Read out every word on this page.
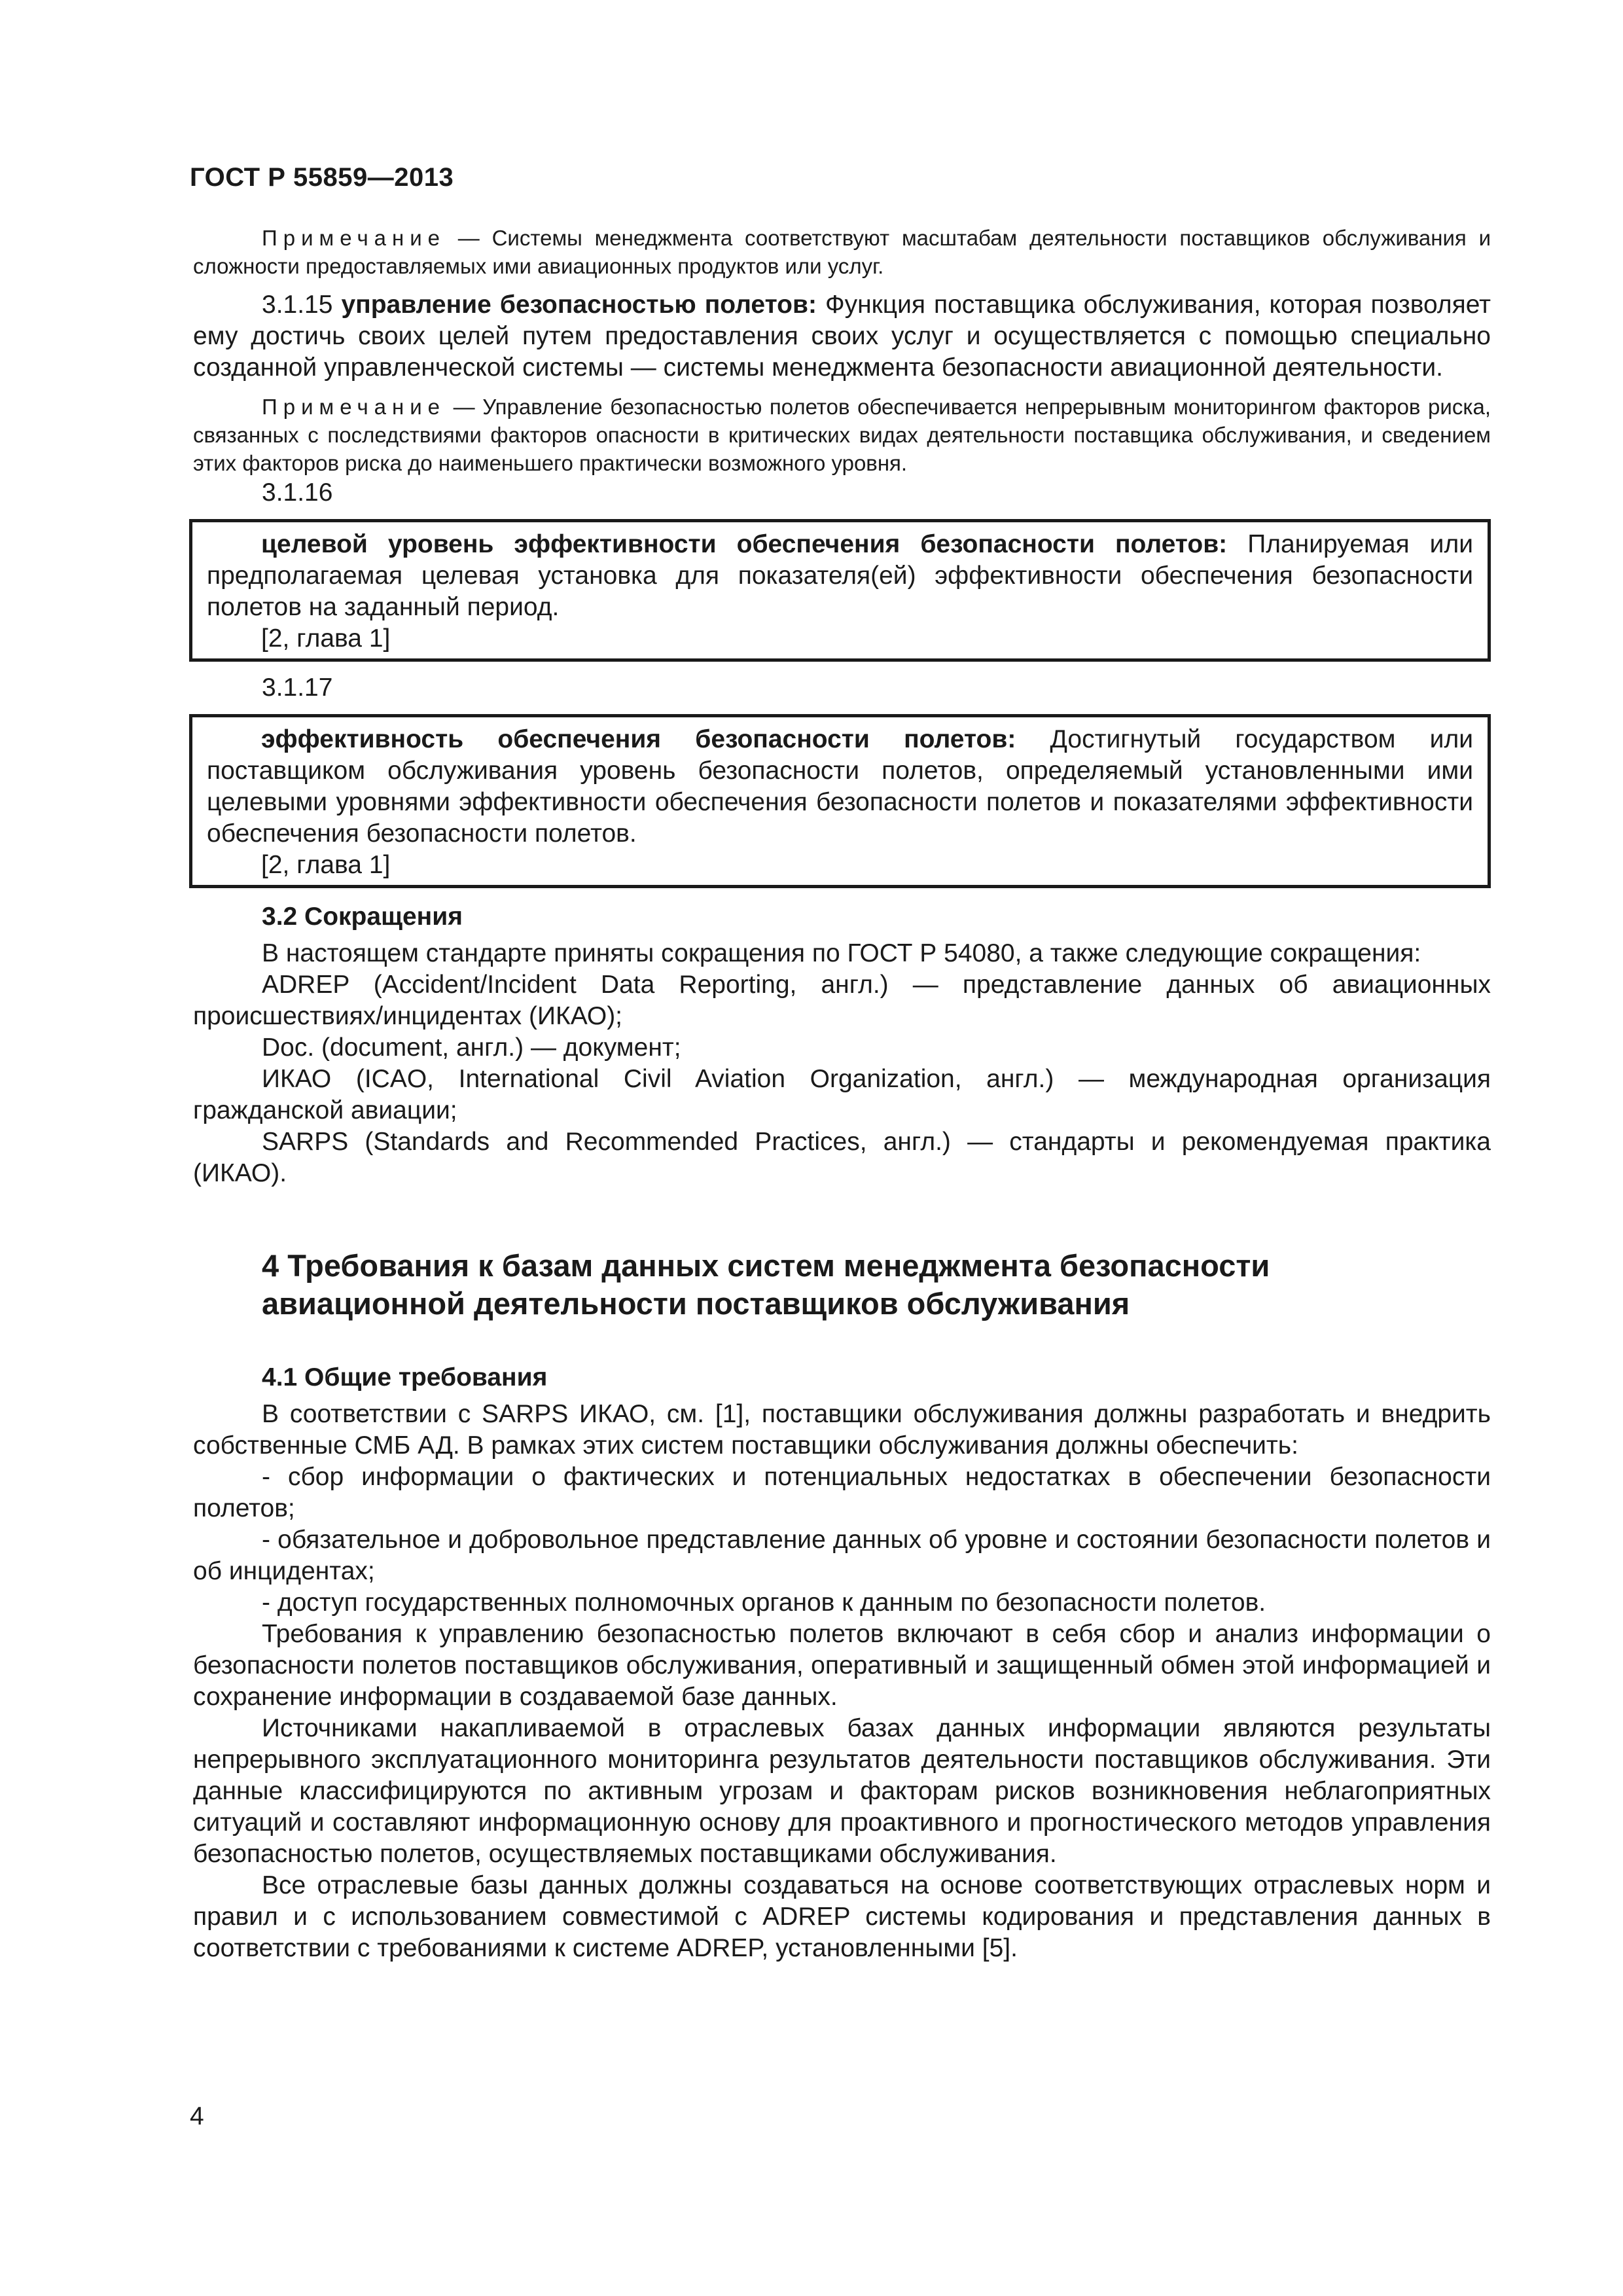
ГОСТ Р 55859—2013

Примечание — Системы менеджмента соответствуют масштабам деятельности поставщиков обслуживания и сложности предоставляемых ими авиационных продуктов или услуг.

3.1.15 управление безопасностью полетов: Функция поставщика обслуживания, которая позволяет ему достичь своих целей путем предоставления своих услуг и осуществляется с помощью специально созданной управленческой системы — системы менеджмента безопасности авиационной деятельности.

Примечание — Управление безопасностью полетов обеспечивается непрерывным мониторингом факторов риска, связанных с последствиями факторов опасности в критических видах деятельности поставщика обслуживания, и сведением этих факторов риска до наименьшего практически возможного уровня.

3.1.16

целевой уровень эффективности обеспечения безопасности полетов: Планируемая или предполагаемая целевая установка для показателя(ей) эффективности обеспечения безопасности полетов на заданный период.

[2, глава 1]

3.1.17

эффективность обеспечения безопасности полетов: Достигнутый государством или поставщиком обслуживания уровень безопасности полетов, определяемый установленными ими целевыми уровнями эффективности обеспечения безопасности полетов и показателями эффективности обеспечения безопасности полетов.

[2, глава 1]

3.2 Сокращения

В настоящем стандарте приняты сокращения по ГОСТ Р 54080, а также следующие сокращения:

ADREP (Accident/Incident Data Reporting, англ.) — представление данных об авиационных происшествиях/инцидентах (ИКАО);

Doc. (document, англ.) — документ;

ИКАО (ICAO, International Civil Aviation Organization, англ.) — международная организация гражданской авиации;

SARPS (Standards and Recommended Practices, англ.) — стандарты и рекомендуемая практика (ИКАО).

4 Требования к базам данных систем менеджмента безопасности авиационной деятельности поставщиков обслуживания

4.1 Общие требования

В соответствии с SARPS ИКАО, см. [1], поставщики обслуживания должны разработать и внедрить собственные СМБ АД. В рамках этих систем поставщики обслуживания должны обеспечить:

- сбор информации о фактических и потенциальных недостатках в обеспечении безопасности полетов;

- обязательное и добровольное представление данных об уровне и состоянии безопасности полетов и об инцидентах;

- доступ государственных полномочных органов к данным по безопасности полетов.

Требования к управлению безопасностью полетов включают в себя сбор и анализ информации о безопасности полетов поставщиков обслуживания, оперативный и защищенный обмен этой информацией и сохранение информации в создаваемой базе данных.

Источниками накапливаемой в отраслевых базах данных информации являются результаты непрерывного эксплуатационного мониторинга результатов деятельности поставщиков обслуживания. Эти данные классифицируются по активным угрозам и факторам рисков возникновения неблагоприятных ситуаций и составляют информационную основу для проактивного и прогностического методов управления безопасностью полетов, осуществляемых поставщиками обслуживания.

Все отраслевые базы данных должны создаваться на основе соответствующих отраслевых норм и правил и с использованием совместимой с ADREP системы кодирования и представления данных в соответствии с требованиями к системе ADREP, установленными [5].

4
